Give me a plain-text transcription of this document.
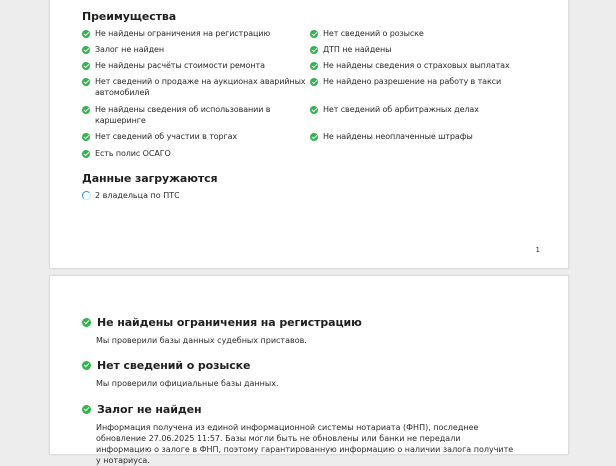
Преимущества
Не найдены ограничения на регистрацию	Нет сведений о розыске
Залог не найден	ДТП не найдены
Не найдены расчёты стоимости ремонта	Не найдены сведения о страховых выплатах
Нет сведений о продаже на аукционах аварийных автомобилей
Не найдено разрешение на работу в такси
Не найдены сведения об использовании в каршеринге
Нет сведений об арбитражных делах
Нет сведений об участии в торгах	Не найдены неоплаченные штрафы
Есть полис ОСАГО
Данные загружаются
2 владельца по ПТС
1
Не найдены ограничения на регистрацию
Мы проверили базы данных судебных приставов.
Нет сведений о розыске
Мы проверили официальные базы данных.
Залог не найден
Информация получена из единой информационной системы нотариата (ФНП), последнее обновление 27.06.2025 11:57. Базы могли быть не обновлены или банки не передали информацию о залоге в ФНП, поэтому гарантированную информацию о наличии залога получите у нотариуса.
